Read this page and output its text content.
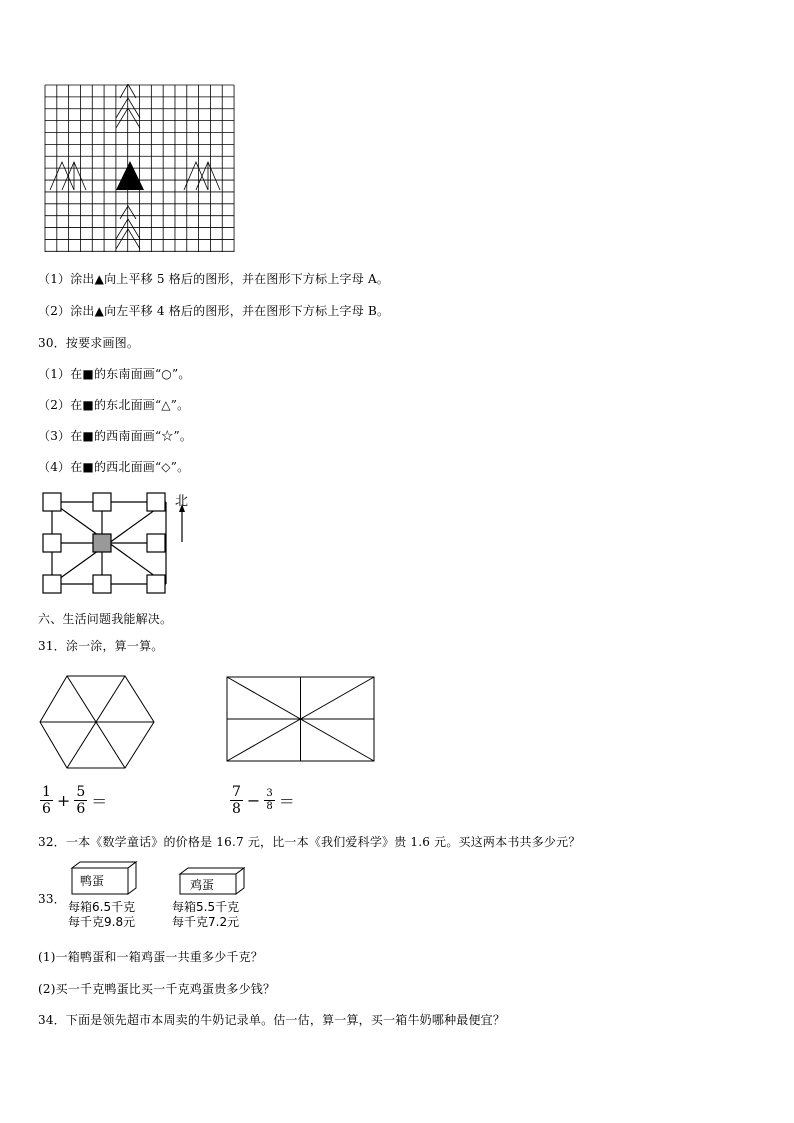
（1）涂出▲向上平移 5 格后的图形，并在图形下方标上字母 A。
（2）涂出▲向左平移 4 格后的图形，并在图形下方标上字母 B。
30．按要求画图。
（1）在■的东南面画“○”。
（2）在■的东北面画“△”。
（3）在■的西南面画“☆”。
（4）在■的西北面画“◇”。
北
六、生活问题我能解决。
31．涂一涂，算一算。
1
$6 + \frac{5}{6}$ ＝	7
$8 - \frac{3}{8}$ ＝
32．一本《数学童话》的价格是 16.7 元，比一本《我们爱科学》贵 1.6 元。买这两本书共多少元？
33．
鸭蛋
每箱6.5千克
每千克9.8元
鸡蛋
每箱5.5千克
每千克7.2元
(1)一箱鸭蛋和一箱鸡蛋一共重多少千克？
(2)买一千克鸭蛋比买一千克鸡蛋贵多少钱？
34．下面是领先超市本周卖的牛奶记录单。估一估，算一算，买一箱牛奶哪种最便宜？
